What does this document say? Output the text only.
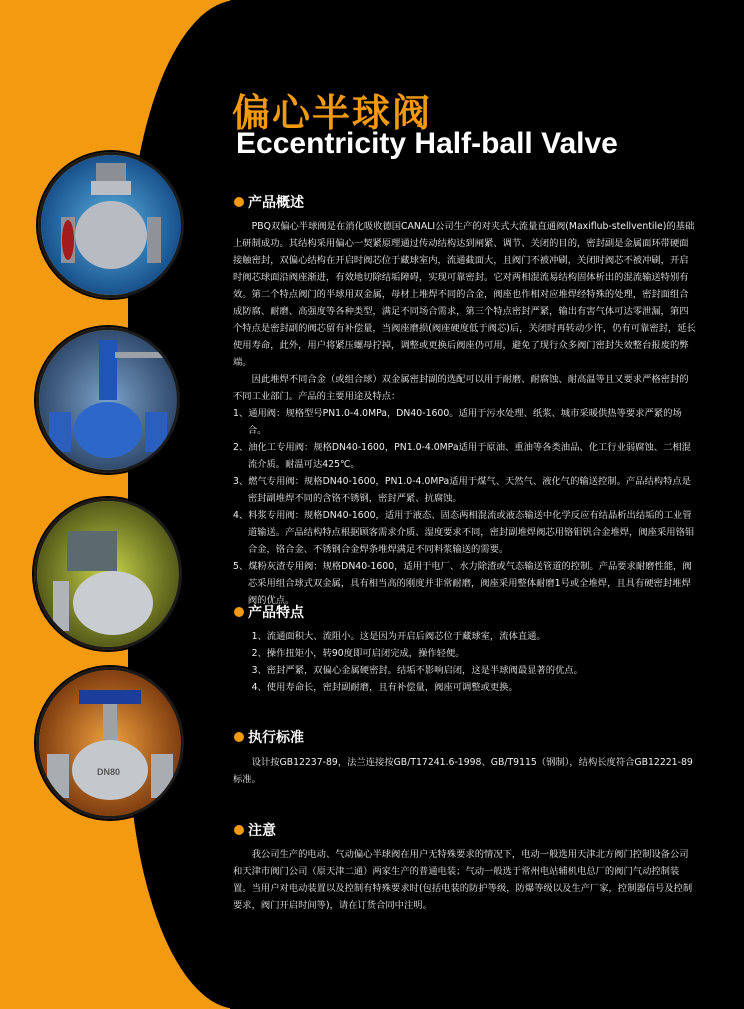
DN80
偏心半球阀
Eccentricity Half-ball Valve
产品概述

PBQ双偏心半球阀是在消化吸收德国CANALI公司生产的对夹式大流量直通阀(Maxiflub-stellventile)的基础上研制成功。其结构采用偏心一契紧原理通过传动结构达到闸紧、调节、关闭的目的，密封副是金属面环带硬面接触密封，双偏心结构在开启时阀芯位于藏球室内，流通截面大，且阀门不被冲刷，关闭时阀芯不被冲刷，开启时阀芯球面沿阀座渐进，有效地切除结垢障碍，实现可靠密封。它对两相混流易结构固体析出的混流输送特别有效。第二个特点阀门的半球用双金属，母材上堆焊不同的合金，阀座也作相对应堆焊经特殊的处理，密封面组合成防腐、耐磨、高强度等各种类型，满足不同场合需求，第三个特点密封严紧，输出有害气体可达零泄漏，第四个特点是密封副的阀芯留有补偿量，当阀座磨损(阀座硬度低于阀芯)后，关闭时再转动少许，仍有可靠密封，延长使用寿命，此外，用户将紧压螺母拧掉，调整或更换后阀座仍可用，避免了现行众多阀门密封失效整台报废的弊端。

因此堆焊不同合金（或组合球）双金属密封副的选配可以用于耐磨、耐腐蚀、耐高温等且又要求严格密封的不同工业部门。产品的主要用途及特点：

1、通用阀：规格型号PN1.0-4.0MPa，DN40-1600。适用于污水处理、纸浆、城市采暖供热等要求严紧的场合。

2、油化工专用阀：规格DN40-1600，PN1.0-4.0MPa适用于原油、重油等各类油品、化工行业弱腐蚀、二相混流介质。耐温可达425℃。

3、燃气专用阀：规格DN40-1600，PN1.0-4.0MPa适用于煤气、天然气、液化气的输送控制。产品结构特点是密封副堆焊不同的含铬不锈钢，密封严紧、抗腐蚀。

4、料浆专用阀：规格DN40-1600，适用于液态、固态两相混流或液态输送中化学反应有结晶析出结垢的工业管道输送。产品结构特点根据顾客需求介质、湿度要求不同，密封副堆焊阀芯用铬钼钒合金堆焊，阀座采用铬钼合金，铬合金、不锈钢合金焊条堆焊满足不同料浆输送的需要。

5、煤粉灰渣专用阀：规格DN40-1600，适用于电厂、水力除渣或气态输送管道的控制。产品要求耐磨性能，阀芯采用组合球式双金属，具有相当高的刚度并非常耐磨，阀座采用整体耐磨1号或全堆焊，且具有硬密封堆焊阀的优点。

产品特点

1、流通面积大、流阻小。这是因为开启后阀芯位于藏球室，流体直通。

2、操作扭矩小，转90度即可启闭完成，操作轻便。

3、密封严紧，双偏心金属硬密封。结垢不影响启闭，这是半球阀最显著的优点。

4、使用寿命长，密封副耐磨，且有补偿量，阀座可调整或更换。

执行标准

设计按GB12237-89，法兰连接按GB/T17241.6-1998、GB/T9115（钢制），结构长度符合GB12221-89标准。

注意

我公司生产的电动、气动偏心半球阀在用户无特殊要求的情况下，电动一般选用天津北方阀门控制设备公司和天津市阀门公司（原天津二通）两家生产的普通电装；气动一般选于常州电站辅机电总厂的阀门气动控制装置。当用户对电动装置以及控制有特殊要求时(包括电装的防护等级，防爆等级以及生产厂家，控制器信号及控制要求，阀门开启时间等)，请在订货合同中注明。
